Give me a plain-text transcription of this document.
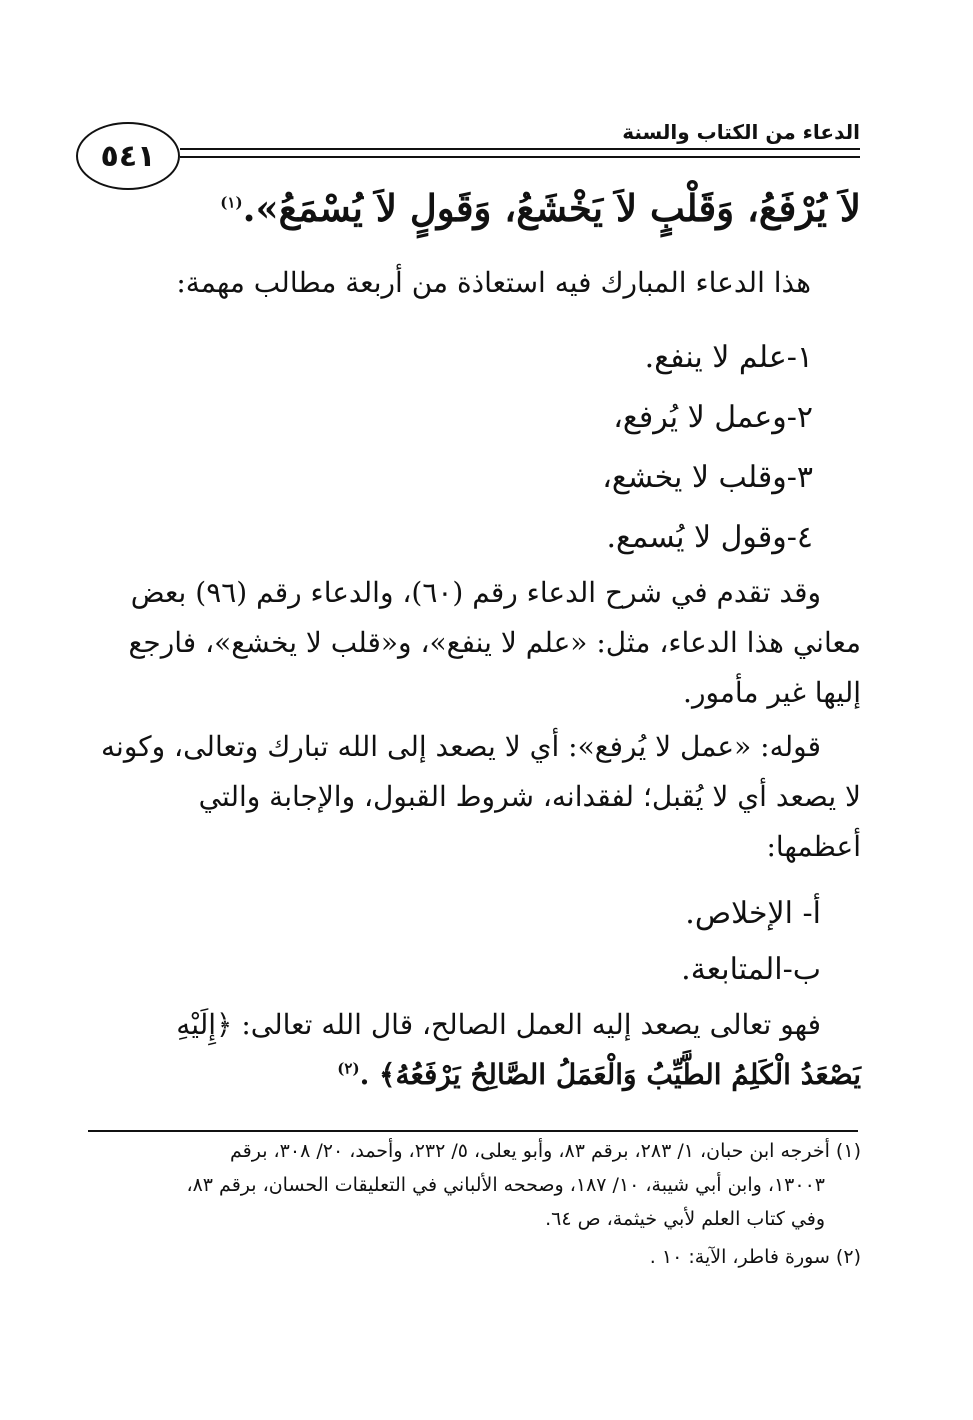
٥٤١
الدعاء من الكتاب والسنة
لاَ يُرْفَعُ، وَقَلْبٍ لاَ يَخْشَعُ، وَقَولٍ لاَ يُسْمَعُ».$^{(١)}$
هذا الدعاء المبارك فيه استعاذة من أربعة مطالب مهمة:
١-علم لا ينفع.
٢-وعمل لا يُرفع،
٣-وقلب لا يخشع،
٤-وقول لا يُسمع.
وقد تقدم في شرح الدعاء رقم (٦٠)، والدعاء رقم (٩٦) بعض
معاني هذا الدعاء، مثل: «علم لا ينفع»، و«قلب لا يخشع»، فارجع
إليها غير مأمور.
قوله: «عمل لا يُرفع»: أي لا يصعد إلى الله تبارك وتعالى، وكونه
لا يصعد أي لا يُقبل؛ لفقدانه، شروط القبول، والإجابة والتي
أعظمها:
أ- الإخلاص.
ب-المتابعة.
فهو تعالى يصعد إليه العمل الصالح، قال الله تعالى: ﴿إِلَيْهِ
يَصْعَدُ الْكَلِمُ الطَّيِّبُ وَالْعَمَلُ الصَّالِحُ يَرْفَعُهُ﴾ .$^{(٢)}$
(١) أخرجه ابن حبان، ١/ ٢٨٣، برقم ٨٣، وأبو يعلى، ٥/ ٢٣٢، وأحمد، ٢٠/ ٣٠٨، برقم
١٣٠٠٣، وابن أبي شيبة، ١٠/ ١٨٧، وصححه الألباني في التعليقات الحسان، برقم ٨٣،
وفي كتاب العلم لأبي خيثمة، ص ٦٤.
(٢) سورة فاطر، الآية: ١٠ .
